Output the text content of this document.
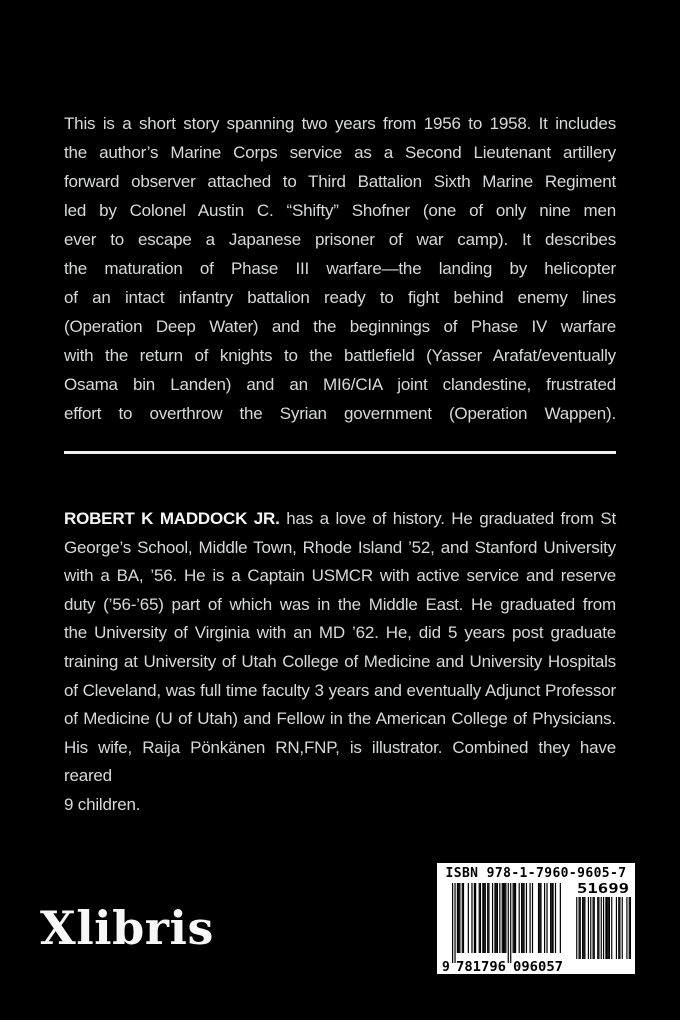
This is a short story spanning two years from 1956 to 1958. It includes
the author’s Marine Corps service as a Second Lieutenant artillery
forward observer attached to Third Battalion Sixth Marine Regiment
led by Colonel Austin C. “Shifty” Shofner (one of only nine men
ever to escape a Japanese prisoner of war camp). It describes
the maturation of Phase III warfare—the landing by helicopter
of an intact infantry battalion ready to fight behind enemy lines
(Operation Deep Water) and the beginnings of Phase IV warfare
with the return of knights to the battlefield (Yasser Arafat/eventually
Osama bin Landen) and an MI6/CIA joint clandestine, frustrated
effort to overthrow the Syrian government (Operation Wappen).

ROBERT K MADDOCK JR. has a love of history. He graduated from St
George’s School, Middle Town, Rhode Island ’52, and Stanford University
with a BA, ’56. He is a Captain USMCR with active service and reserve
duty (’56-’65) part of which was in the Middle East. He graduated from
the University of Virginia with an MD ’62. He, did 5 years post graduate
training at University of Utah College of Medicine and University Hospitals
of Cleveland, was full time faculty 3 years and eventually Adjunct Professor
of Medicine (U of Utah) and Fellow in the American College of Physicians.
His wife, Raija Pönkänen RN,FNP, is illustrator. Combined they have reared

9 children.

Xlibris
ISBN 978-1-7960-9605-7
9 781796 096057
51699
